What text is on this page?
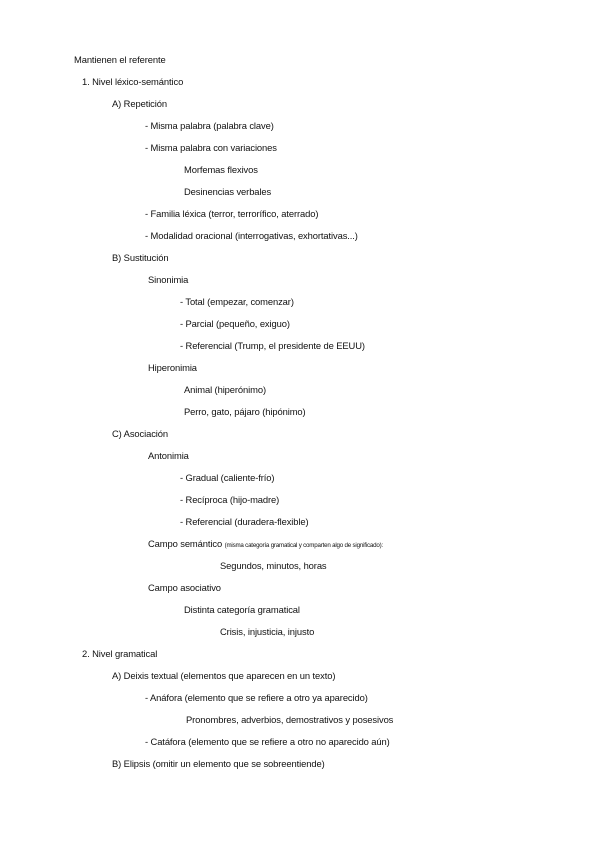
Mantienen el referente
1. Nivel léxico-semántico
A) Repetición
- Misma palabra (palabra clave)
- Misma palabra con variaciones
Morfemas flexivos
Desinencias verbales
- Familia léxica (terror, terrorífico, aterrado)
- Modalidad oracional (interrogativas, exhortativas...)
B) Sustitución
Sinonimia
- Total (empezar, comenzar)
- Parcial (pequeño, exiguo)
- Referencial (Trump, el presidente de EEUU)
Hiperonimia
Animal (hiperónimo)
Perro, gato, pájaro (hipónimo)
C) Asociación
Antonimia
- Gradual (caliente-frío)
- Recíproca (hijo-madre)
- Referencial (duradera-flexible)
Campo semántico (misma categoría gramatical y comparten algo de significado):
Segundos, minutos, horas
Campo asociativo
Distinta categoría gramatical
Crisis, injusticia, injusto
2. Nivel gramatical
A) Deixis textual (elementos que aparecen en un texto)
- Anáfora (elemento que se refiere a otro ya aparecido)
Pronombres, adverbios, demostrativos y posesivos
- Catáfora (elemento que se refiere a otro no aparecido aún)
B) Elipsis (omitir un elemento que se sobreentiende)
